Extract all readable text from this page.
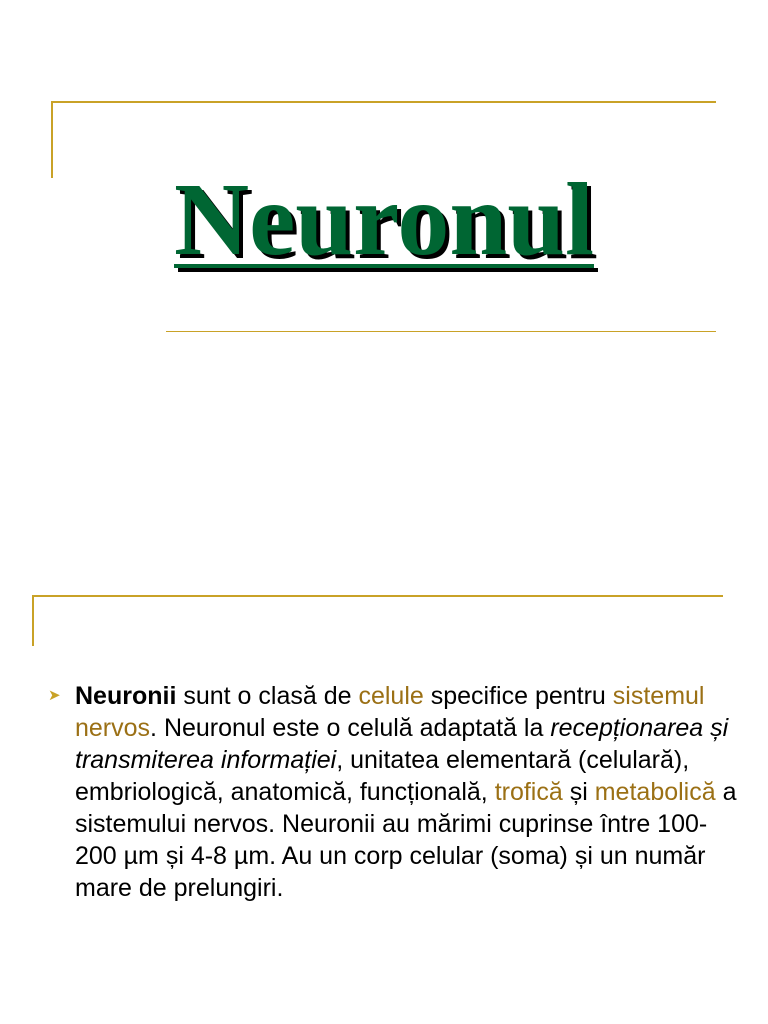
Neuronul
➤ Neuronii sunt o clasă de celule specifice pentru sistemul nervos. Neuronul este o celulă adaptată la recepționarea și transmiterea informației, unitatea elementară (celulară), embriologică, anatomică, funcțională, trofică și metabolică a sistemului nervos. Neuronii au mărimi cuprinse între 100-200 µm și 4-8 µm. Au un corp celular (soma) și un număr mare de prelungiri.
